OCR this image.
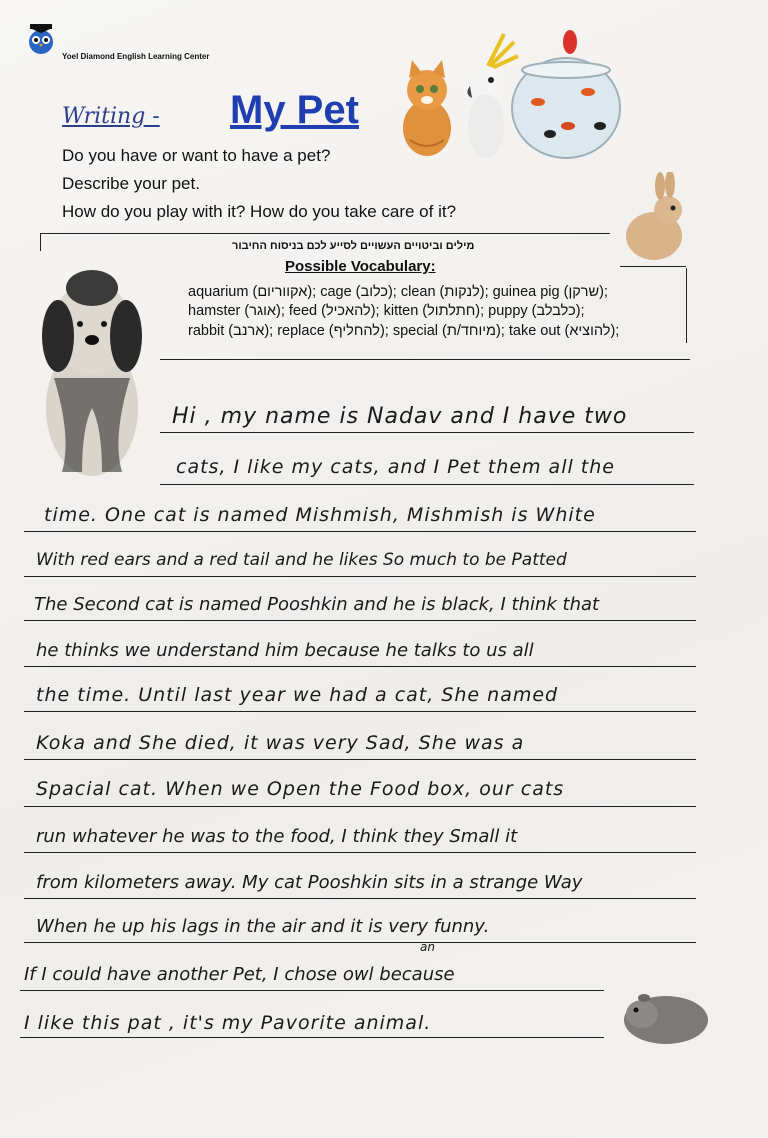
Yoel Diamond English Learning Center
Writing - My Pet
Do you have or want to have a pet?
Describe your pet.
How do you play with it? How do you take care of it?
מילים וביטויים העשויים לסייע לכם בניסוח החיבור
Possible Vocabulary:
aquarium (אקווריום); cage (כלוב); clean (לנקות); guinea pig (שרקן);
hamster (אוגר); feed (להאכיל); kitten (חתלתול); puppy (כלבלב);
rabbit (ארנב); replace (להחליף); special (מיוחד/ת); take out (להוציא);
Hi , my name is Nadav and I have two
cats, I like my cats, and I Pet them all the
time. One cat is named Mishmish, Mishmish is White
With red ears and a red tail and he likes So much to be Patted
The Second cat is named Pooshkin and he is black, I think that
he thinks we understand him because he talks to us all
the time. Until last year we had a cat, She named
Koka and She died, it was very Sad, She was a
Spacial cat. When we Open the Food box, our cats
run whatever he was to the food, I think they Small it
from kilometers away. My cat Pooshkin sits in a strange Way
When he up his lags in the air and it is very funny.
an
If I could have another Pet, I chose owl because
I like this pat , it's my Pavorite animal.
